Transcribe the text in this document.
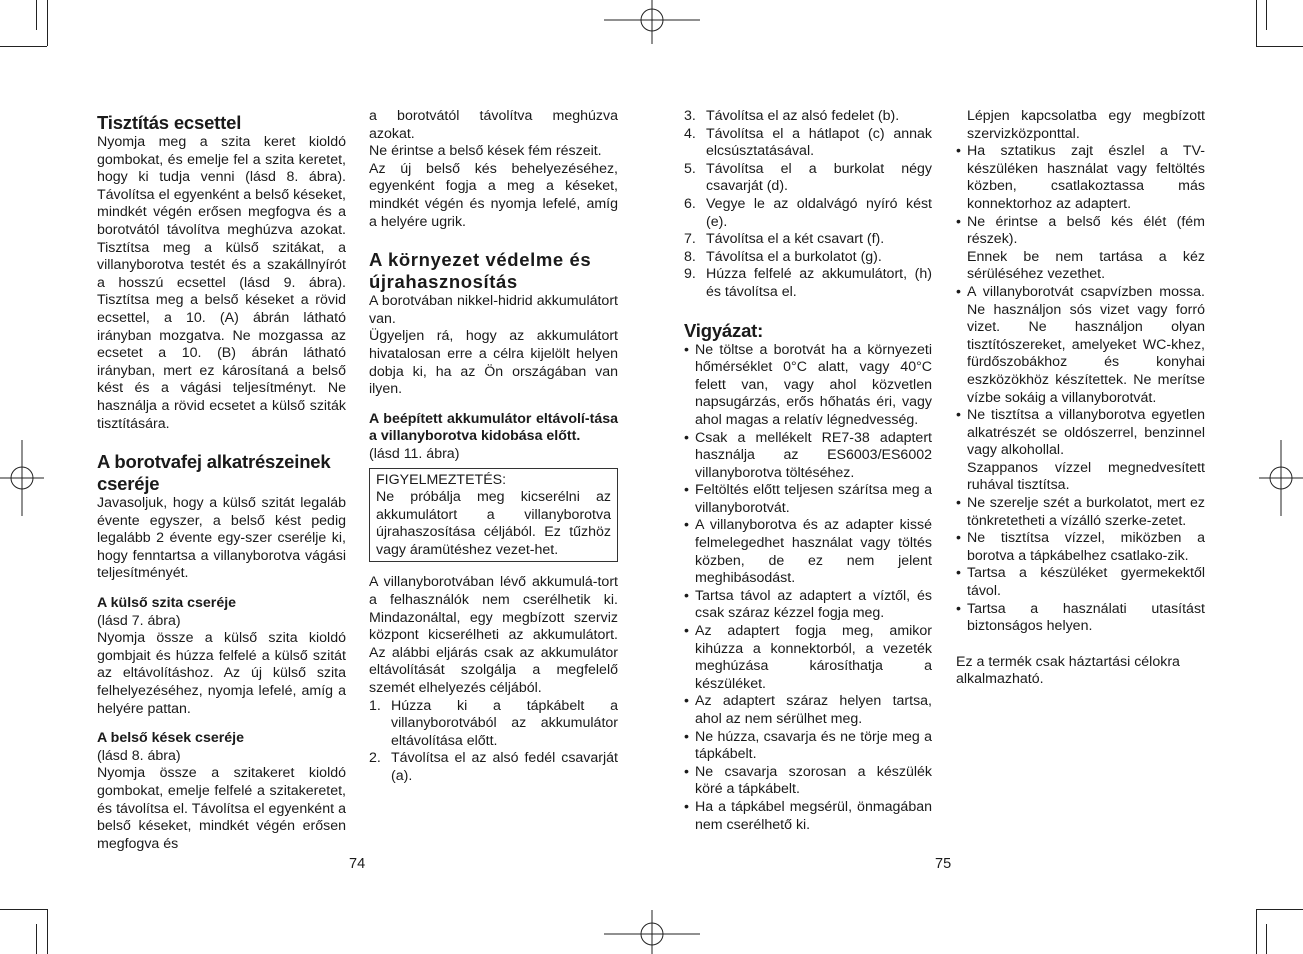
Tisztítás ecsettel

Nyomja meg a szita keret kioldó gombokat, és emelje fel a szita keretet, hogy ki tudja venni (lásd 8. ábra). Távolítsa el egyenként a belső késeket, mindkét végén erősen megfogva és a borotvától távolítva meghúzva azokat. Tisztítsa meg a külső szitákat, a villanyborotva testét és a szakállnyírót a hosszú ecsettel (lásd 9. ábra). Tisztítsa meg a belső késeket a rövid ecsettel, a 10. (A) ábrán látható irányban mozgatva. Ne mozgassa az ecsetet a 10. (B) ábrán látható irányban, mert ez károsítaná a belső kést és a vágási teljesítményt. Ne használja a rövid ecsetet a külső sziták tisztítására.

A borotvafej alkatrészeinek cseréje

Javasoljuk, hogy a külső szitát legaláb évente egyszer, a belső kést pedig legalább 2 évente egy-szer cserélje ki, hogy fenntartsa a villanyborotva vágási teljesítményét.

A külső szita cseréje

(lásd 7. ábra)

Nyomja össze a külső szita kioldó gombjait és húzza felfelé a külső szitát az eltávolításhoz. Az új külső szita felhelyezéséhez, nyomja lefelé, amíg a helyére pattan.

A belső kések cseréje

(lásd 8. ábra)

Nyomja össze a szitakeret kioldó gombokat, emelje felfelé a szitakeretet, és távolítsa el. Távolítsa el egyenként a belső késeket, mindkét végén erősen megfogva és

a borotvától távolítva meghúzva azokat.

Ne érintse a belső kések fém részeit.

Az új belső kés behelyezéséhez, egyenként fogja a meg a késeket, mindkét végén és nyomja lefelé, amíg a helyére ugrik.

A környezet védelme és újrahasznosítás

A borotvában nikkel-hidrid akkumulátort van.

Ügyeljen rá, hogy az akkumulátort hivatalosan erre a célra kijelölt helyen dobja ki, ha az Ön országában van ilyen.

A beépített akkumulátor eltávolí-tása a villanyborotva kidobása előtt.

(lásd 11. ábra)

FIGYELMEZTETÉS:

Ne próbálja meg kicserélni az akkumulátort a villanyborotva újrahaszosítása céljából. Ez tűzhöz vagy áramütéshez vezet-het.

A villanyborotvában lévő akkumulá-tort a felhasználók nem cserélhetik ki. Mindazonáltal, egy megbízott szerviz központ kicserélheti az akkumulátort. Az alábbi eljárás csak az akkumulátor eltávolítását szolgálja a megfelelő szemét elhelyezés céljából.

1. Húzza ki a tápkábelt a villanyborotvából az akkumulátor eltávolítása előtt.
2. Távolítsa el az alsó fedél csavarját (a).
3. Távolítsa el az alsó fedelet (b).
4. Távolítsa el a hátlapot (c) annak elcsúsztatásával.
5. Távolítsa el a burkolat négy csavarját (d).
6. Vegye le az oldalvágó nyíró kést (e).
7. Távolítsa el a két csavart (f).
8. Távolítsa el a burkolatot (g).
9. Húzza felfelé az akkumulátort, (h) és távolítsa el.
Vigyázat:
• Ne töltse a borotvát ha a környezeti hőmérséklet 0°C alatt, vagy 40°C felett van, vagy ahol közvetlen napsugárzás, erős hőhatás éri, vagy ahol magas a relatív légnedvesség.
• Csak a mellékelt RE7-38 adaptert használja az ES6003/ES6002 villanyborotva töltéséhez.
• Feltöltés előtt teljesen szárítsa meg a villanyborotvát.
• A villanyborotva és az adapter kissé felmelegedhet használat vagy töltés közben, de ez nem jelent meghibásodást.
• Tartsa távol az adaptert a víztől, és csak száraz kézzel fogja meg.
• Az adaptert fogja meg, amikor kihúzza a konnektorból, a vezeték meghúzása károsíthatja a készüléket.
• Az adaptert száraz helyen tartsa, ahol az nem sérülhet meg.
• Ne húzza, csavarja és ne törje meg a tápkábelt.
• Ne csavarja szorosan a készülék köré a tápkábelt.
• Ha a tápkábel megsérül, önmagában nem cserélhető ki.

Lépjen kapcsolatba egy megbízott szervizközponttal.

• Ha sztatikus zajt észlel a TV-készüléken használat vagy feltöltés közben, csatlakoztassa más konnektorhoz az adaptert.
• Ne érintse a belső kés élét (fém részek).
Ennek be nem tartása a kéz sérüléséhez vezethet.
• A villanyborotvát csapvízben mossa. Ne használjon sós vizet vagy forró vizet. Ne használjon olyan tisztítószereket, amelyeket WC-khez, fürdőszobákhoz és konyhai eszközökhöz készítettek. Ne merítse vízbe sokáig a villanyborotvát.
• Ne tisztítsa a villanyborotva egyetlen alkatrészét se oldószerrel, benzinnel vagy alkohollal.
Szappanos vízzel megnedvesített ruhával tisztítsa.
• Ne szerelje szét a burkolatot, mert ez tönkretetheti a vízálló szerke-zetet.
• Ne tisztítsa vízzel, miközben a borotva a tápkábelhez csatlako-zik.
• Tartsa a készüléket gyermekektől távol.
• Tartsa a használati utasítást biztonságos helyen.

Ez a termék csak háztartási célokra alkalmazható.

74	75
